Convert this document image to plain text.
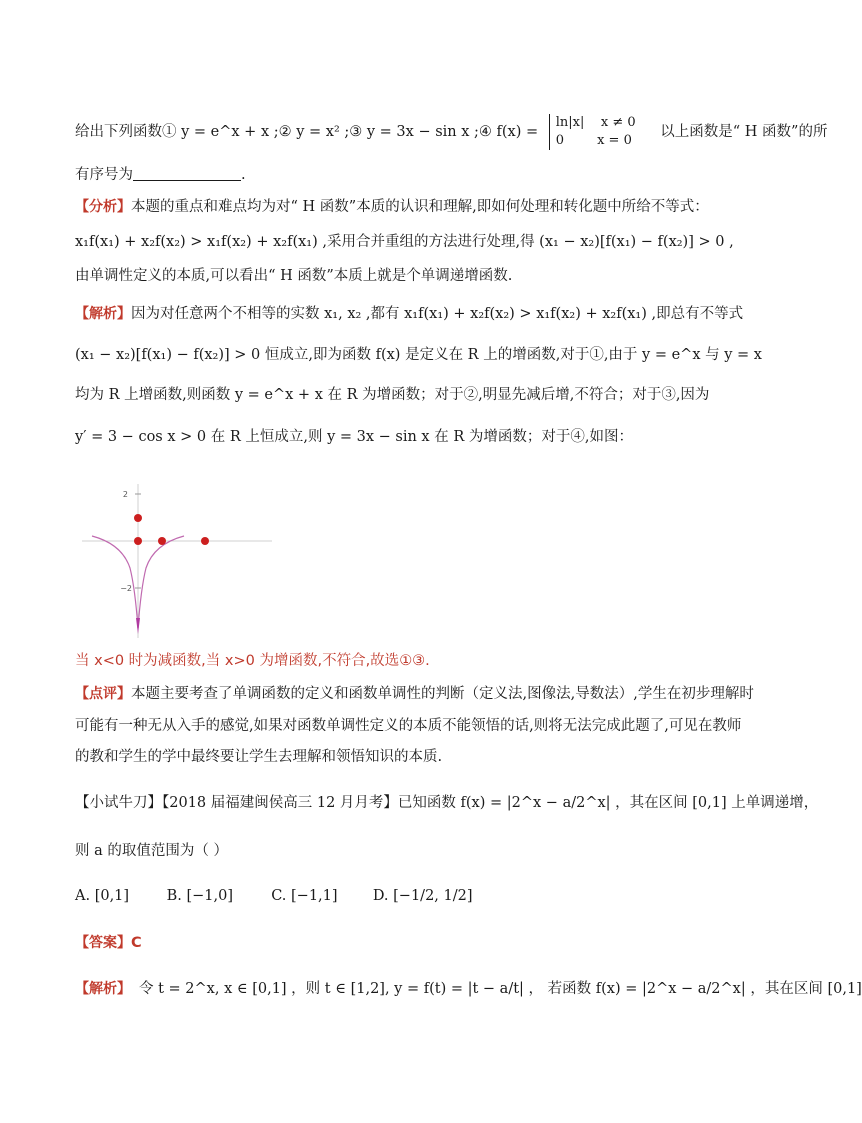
给出下列函数① y = e^x + x ;② y = x² ;③ y = 3x − sin x ;④ f(x) =
ln|x|    x ≠ 0
0        x = 0
以上函数是“ H 函数”的所
有序号为	.
【分析】本题的重点和难点均为对“ H 函数”本质的认识和理解,即如何处理和转化题中所给不等式：
x₁f(x₁) + x₂f(x₂) > x₁f(x₂) + x₂f(x₁) ,采用合并重组的方法进行处理,得 (x₁ − x₂)[f(x₁) − f(x₂)] > 0 ,
由单调性定义的本质,可以看出“ H 函数”本质上就是个单调递增函数.
【解析】因为对任意两个不相等的实数 x₁, x₂ ,都有 x₁f(x₁) + x₂f(x₂) > x₁f(x₂) + x₂f(x₁) ,即总有不等式
(x₁ − x₂)[f(x₁) − f(x₂)] > 0 恒成立,即为函数 f(x) 是定义在 R 上的增函数,对于①,由于 y = e^x 与 y = x
均为 R 上增函数,则函数 y = e^x + x 在 R 为增函数；对于②,明显先减后增,不符合；对于③,因为
y′ = 3 − cos x > 0 在 R 上恒成立,则 y = 3x − sin x 在 R 为增函数；对于④,如图：
2
−2
当 x<0 时为减函数,当 x>0 为增函数,不符合,故选①③.
【点评】本题主要考查了单调函数的定义和函数单调性的判断（定义法,图像法,导数法）,学生在初步理解时
可能有一种无从入手的感觉,如果对函数单调性定义的本质不能领悟的话,则将无法完成此题了,可见在教师
的教和学生的学中最终要让学生去理解和领悟知识的本质.
【小试牛刀】【2018 届福建闽侯高三 12 月月考】已知函数 f(x) = |2^x − a/2^x| ，其在区间 [0,1] 上单调递增，
则 a 的取值范围为（ ）
A. [0,1]	B. [−1,0]	C. [−1,1] D. [−1/2, 1/2]
【答案】C
【解析】 令 t = 2^x, x ∈ [0,1] ，则 t ∈ [1,2], y = f(t) = |t − a/t| ， 若函数 f(x) = |2^x − a/2^x| ，其在区间 [0,1]
